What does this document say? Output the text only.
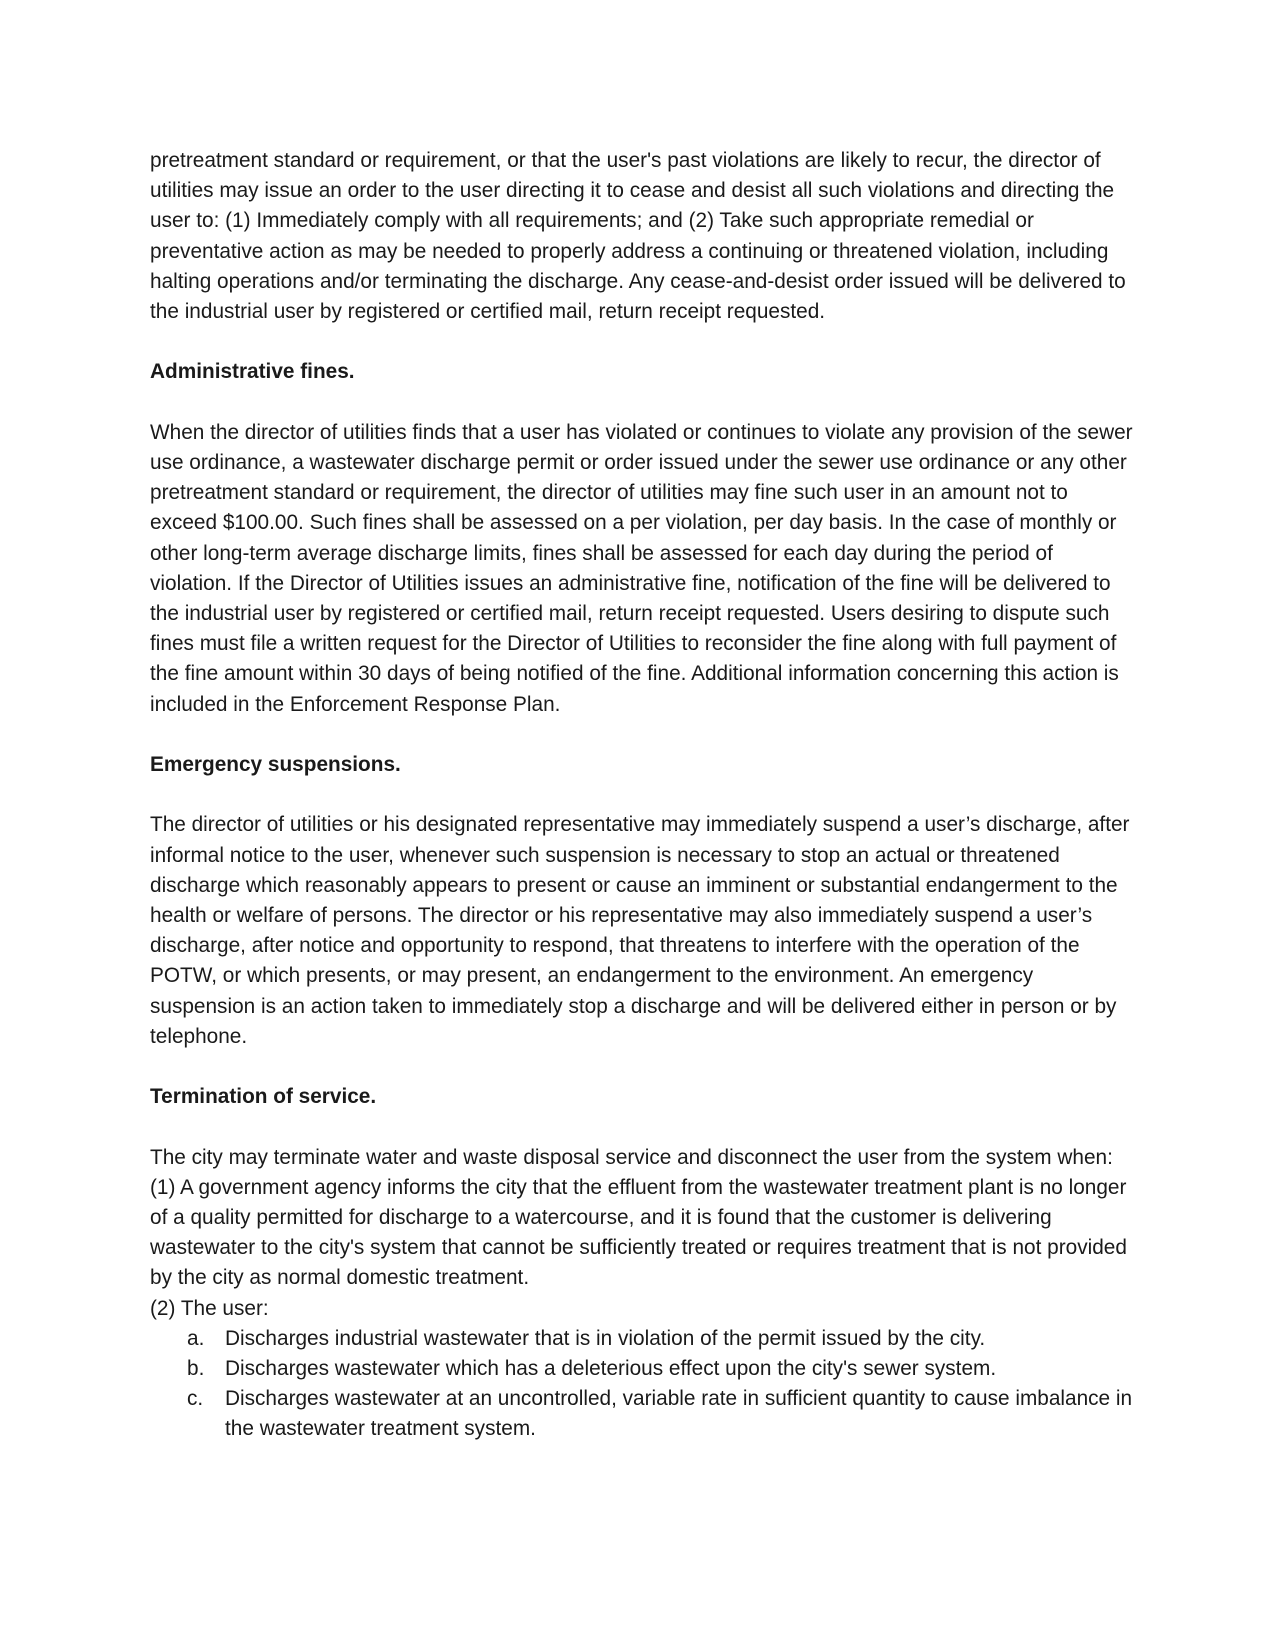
pretreatment standard or requirement, or that the user's past violations are likely to recur, the director of utilities may issue an order to the user directing it to cease and desist all such violations and directing the user to: (1) Immediately comply with all requirements; and (2) Take such appropriate remedial or preventative action as may be needed to properly address a continuing or threatened violation, including halting operations and/or terminating the discharge. Any cease-and-desist order issued will be delivered to the industrial user by registered or certified mail, return receipt requested.

Administrative fines.

When the director of utilities finds that a user has violated or continues to violate any provision of the sewer use ordinance, a wastewater discharge permit or order issued under the sewer use ordinance or any other pretreatment standard or requirement, the director of utilities may fine such user in an amount not to exceed $100.00. Such fines shall be assessed on a per violation, per day basis. In the case of monthly or other long-term average discharge limits, fines shall be assessed for each day during the period of violation. If the Director of Utilities issues an administrative fine, notification of the fine will be delivered to the industrial user by registered or certified mail, return receipt requested. Users desiring to dispute such fines must file a written request for the Director of Utilities to reconsider the fine along with full payment of the fine amount within 30 days of being notified of the fine. Additional information concerning this action is included in the Enforcement Response Plan.

Emergency suspensions.

The director of utilities or his designated representative may immediately suspend a user’s discharge, after informal notice to the user, whenever such suspension is necessary to stop an actual or threatened discharge which reasonably appears to present or cause an imminent or substantial endangerment to the health or welfare of persons. The director or his representative may also immediately suspend a user’s discharge, after notice and opportunity to respond, that threatens to interfere with the operation of the POTW, or which presents, or may present, an endangerment to the environment. An emergency suspension is an action taken to immediately stop a discharge and will be delivered either in person or by telephone.

Termination of service.

The city may terminate water and waste disposal service and disconnect the user from the system when:

(1) A government agency informs the city that the effluent from the wastewater treatment plant is no longer of a quality permitted for discharge to a watercourse, and it is found that the customer is delivering wastewater to the city's system that cannot be sufficiently treated or requires treatment that is not provided by the city as normal domestic treatment.

(2) The user:

a. Discharges industrial wastewater that is in violation of the permit issued by the city.
b. Discharges wastewater which has a deleterious effect upon the city's sewer system.
c. Discharges wastewater at an uncontrolled, variable rate in sufficient quantity to cause imbalance in the wastewater treatment system.
